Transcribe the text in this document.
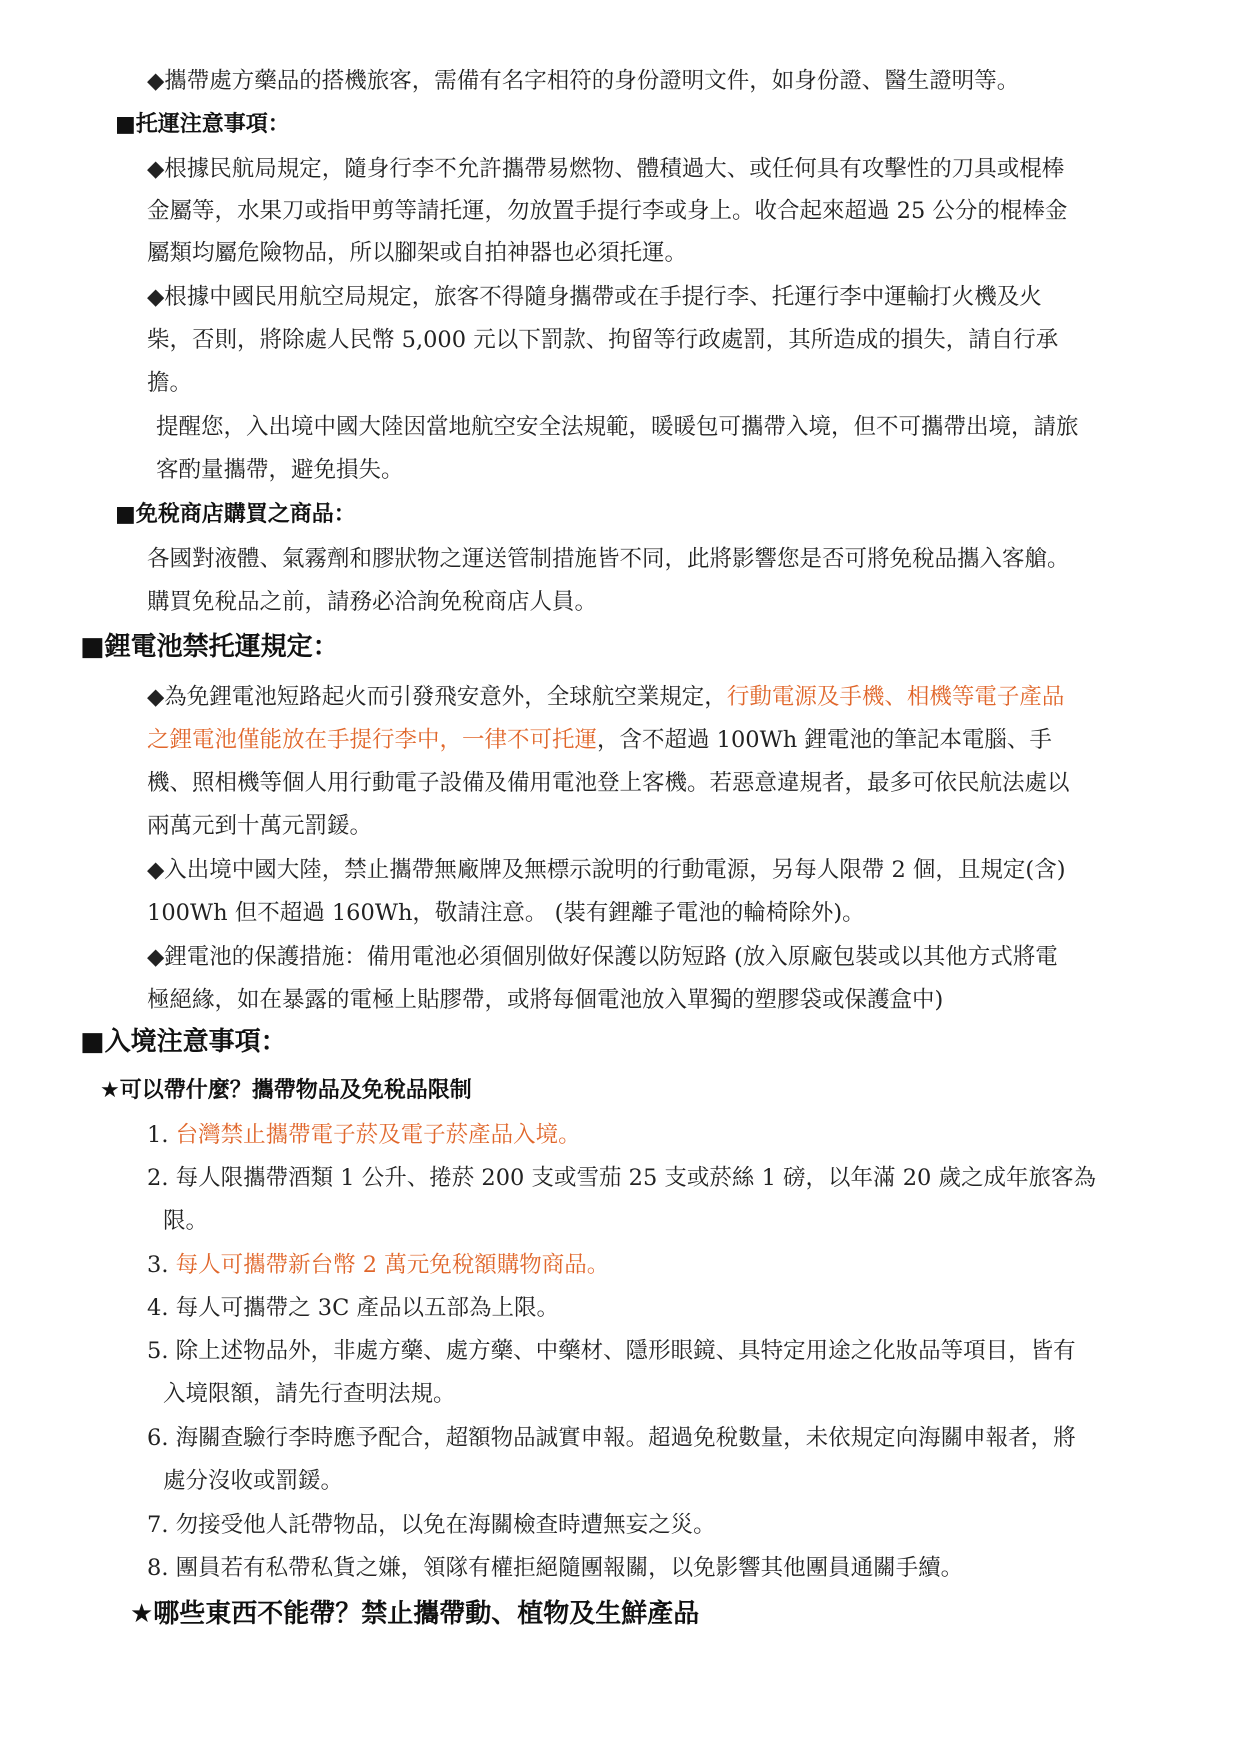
◆攜帶處方藥品的搭機旅客，需備有名字相符的身份證明文件，如身份證、醫生證明等。
■托運注意事項：
◆根據民航局規定，隨身行李不允許攜帶易燃物、體積過大、或任何具有攻擊性的刀具或棍棒
金屬等，水果刀或指甲剪等請托運，勿放置手提行李或身上。收合起來超過 25 公分的棍棒金
屬類均屬危險物品，所以腳架或自拍神器也必須托運。
◆根據中國民用航空局規定，旅客不得隨身攜帶或在手提行李、托運行李中運輸打火機及火
柴，否則，將除處人民幣 5,000 元以下罰款、拘留等行政處罰，其所造成的損失，請自行承
擔。
提醒您，入出境中國大陸因當地航空安全法規範，暖暖包可攜帶入境，但不可攜帶出境，請旅
客酌量攜帶，避免損失。
■免稅商店購買之商品：
各國對液體、氣霧劑和膠狀物之運送管制措施皆不同，此將影響您是否可將免稅品攜入客艙。
購買免稅品之前，請務必洽詢免稅商店人員。
■鋰電池禁托運規定：
◆為免鋰電池短路起火而引發飛安意外，全球航空業規定，行動電源及手機、相機等電子產品
之鋰電池僅能放在手提行李中，一律不可托運，含不超過 100Wh 鋰電池的筆記本電腦、手
機、照相機等個人用行動電子設備及備用電池登上客機。若惡意違規者，最多可依民航法處以
兩萬元到十萬元罰鍰。
◆入出境中國大陸，禁止攜帶無廠牌及無標示說明的行動電源，另每人限帶 2 個，且規定(含)
100Wh 但不超過 160Wh，敬請注意。 (裝有鋰離子電池的輪椅除外)。
◆鋰電池的保護措施：備用電池必須個別做好保護以防短路 (放入原廠包裝或以其他方式將電
極絕緣，如在暴露的電極上貼膠帶，或將每個電池放入單獨的塑膠袋或保護盒中)
■入境注意事項：
★可以帶什麼？攜帶物品及免稅品限制
1. 台灣禁止攜帶電子菸及電子菸產品入境。
2. 每人限攜帶酒類 1 公升、捲菸 200 支或雪茄 25 支或菸絲 1 磅，以年滿 20 歲之成年旅客為
限。
3. 每人可攜帶新台幣 2 萬元免稅額購物商品。
4. 每人可攜帶之 3C 產品以五部為上限。
5. 除上述物品外，非處方藥、處方藥、中藥材、隱形眼鏡、具特定用途之化妝品等項目，皆有
入境限額，請先行查明法規。
6. 海關查驗行李時應予配合，超額物品誠實申報。超過免稅數量，未依規定向海關申報者，將
處分沒收或罰鍰。
7. 勿接受他人託帶物品，以免在海關檢查時遭無妄之災。
8. 團員若有私帶私貨之嫌，領隊有權拒絕隨團報關，以免影響其他團員通關手續。
★哪些東西不能帶？禁止攜帶動、植物及生鮮產品
